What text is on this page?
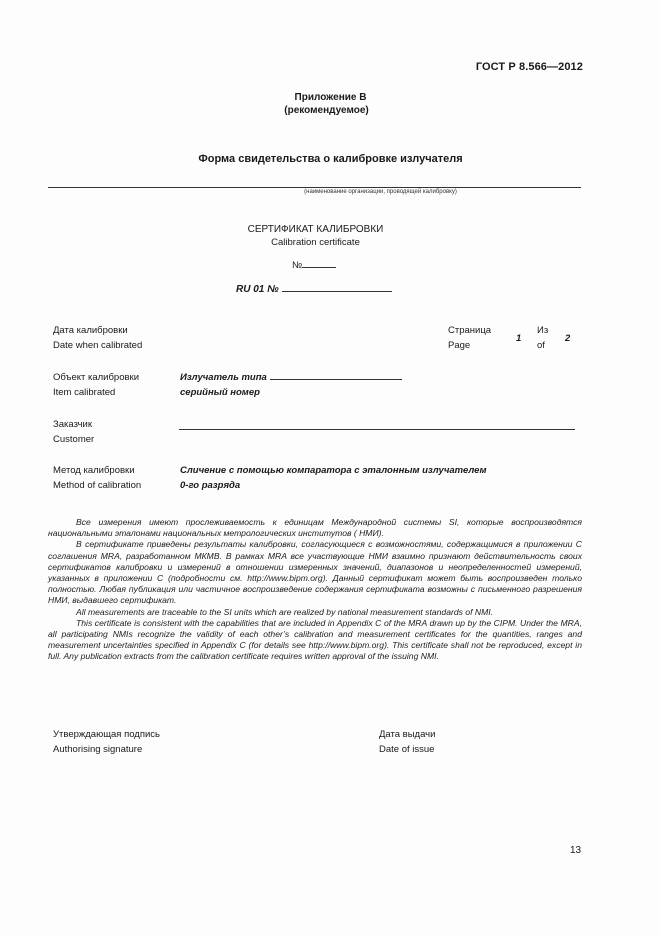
ГОСТ Р 8.566—2012
Приложение В
(рекомендуемое)
Форма свидетельства о калибровке излучателя
(наименование организации, проводящей калибровку)
СЕРТИФИКАТ КАЛИБРОВКИ
Calibration certificate
№
RU 01 №
Дата калибровки
Date when calibrated
Страница
Page
1
Из
of
2
Объект калибровки
Item calibrated
Излучатель типа
серийный номер
Заказчик
Customer
Метод калибровки
Method of calibration
Сличение с помощью компаратора с эталонным излучателем
0-го разряда

Все измерения имеют прослеживаемость к единицам Международной системы SI, которые воспроизводятся национальными эталонами национальных метрологических институтов ( НМИ).

В сертификате приведены результаты калибровки, согласующиеся с возможностями, содержащимися в приложении С соглашения MRA, разработанном МКМВ. В рамках MRA все участвующие НМИ взаимно признают действительность своих сертификатов калибровки и измерений в отношении измеренных значений, диапазонов и неопределенностей измерений, указанных в приложении С (подробности см. http://www.bipm.org). Данный сертификат может быть воспроизведен только полностью. Любая публикация или частичное воспроизведение содержания сертификата возможны с письменного разрешения НМИ, выдавшего сертификат.

All measurements are traceable to the SI units which are realized by national measurement standards of NMI.

This certificate is consistent with the capabilities that are included in Appendix C of the MRA drawn up by the CIPM. Under the MRA, all participating NMIs recognize the validity of each other’s calibration and measurement certificates for the quantities, ranges and measurement uncertainties specified in Appendix C (for details see http://www.bipm.org). This certificate shall not be reproduced, except in full. Any publication extracts from the calibration certificate requires written approval of the issuing NMI.

Утверждающая подпись
Authorising signature
Дата выдачи
Date of issue
13
